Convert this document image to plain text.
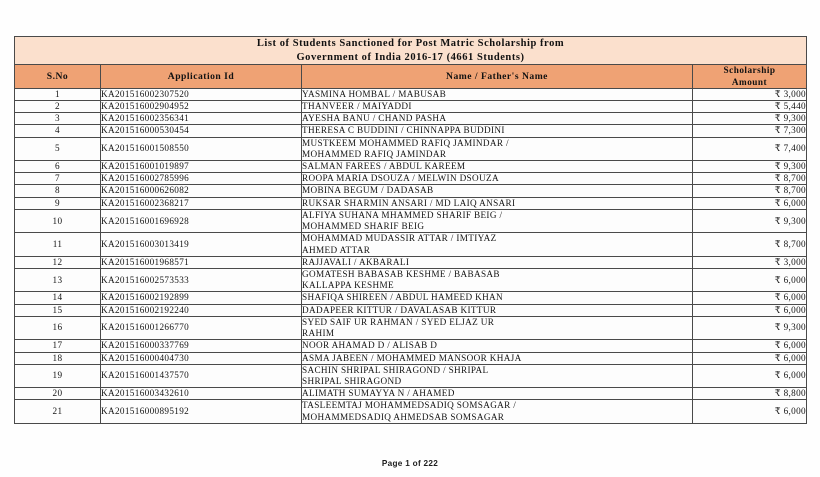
List of Students Sanctioned for Post Matric Scholarship from
Government of India 2016-17 (4661 Students)			

S.No	Application Id	Name / Father's Name	Scholarship
Amount

1	KA201516002307520	YASMINA HOMBAL / MABUSAB	₹ 3,000
2	KA201516002904952	THANVEER / MAIYADDI	₹ 5,440
3	KA201516002356341	AYESHA BANU / CHAND PASHA	₹ 9,300
4	KA201516000530454	THERESA C BUDDINI / CHINNAPPA BUDDINI	₹ 7,300
5	KA201516001508550	MUSTKEEM MOHAMMED RAFIQ JAMINDAR /
MOHAMMED RAFIQ JAMINDAR	₹ 7,400
6	KA201516001019897	SALMAN FAREES / ABDUL KAREEM	₹ 9,300
7	KA201516002785996	ROOPA MARIA DSOUZA / MELWIN DSOUZA	₹ 8,700
8	KA201516000626082	MOBINA BEGUM / DADASAB	₹ 8,700
9	KA201516002368217	RUKSAR SHARMIN ANSARI / MD LAIQ ANSARI	₹ 6,000
10	KA201516001696928	ALFIYA SUHANA MHAMMED SHARIF BEIG /
MOHAMMED SHARIF BEIG	₹ 9,300
11	KA201516003013419	MOHAMMAD MUDASSIR ATTAR / IMTIYAZ
AHMED ATTAR	₹ 8,700
12	KA201516001968571	RAJJAVALI / AKBARALI	₹ 3,000
13	KA201516002573533	GOMATESH BABASAB KESHME / BABASAB
KALLAPPA KESHME	₹ 6,000
14	KA201516002192899	SHAFIQA SHIREEN / ABDUL HAMEED KHAN	₹ 6,000
15	KA201516002192240	DADAPEER KITTUR / DAVALASAB KITTUR	₹ 6,000
16	KA201516001266770	SYED SAIF UR RAHMAN / SYED ELJAZ UR
RAHIM	₹ 9,300
17	KA201516000337769	NOOR AHAMAD D / ALISAB D	₹ 6,000
18	KA201516000404730	ASMA JABEEN / MOHAMMED MANSOOR KHAJA	₹ 6,000
19	KA201516001437570	SACHIN SHRIPAL SHIRAGOND / SHRIPAL
SHRIPAL SHIRAGOND	₹ 6,000
20	KA201516003432610	ALIMATH SUMAYYA N / AHAMED	₹ 8,800
21	KA201516000895192	TASLEEMTAJ MOHAMMEDSADIQ SOMSAGAR /
MOHAMMEDSADIQ AHMEDSAB SOMSAGAR	₹ 6,000
Page 1 of 222
